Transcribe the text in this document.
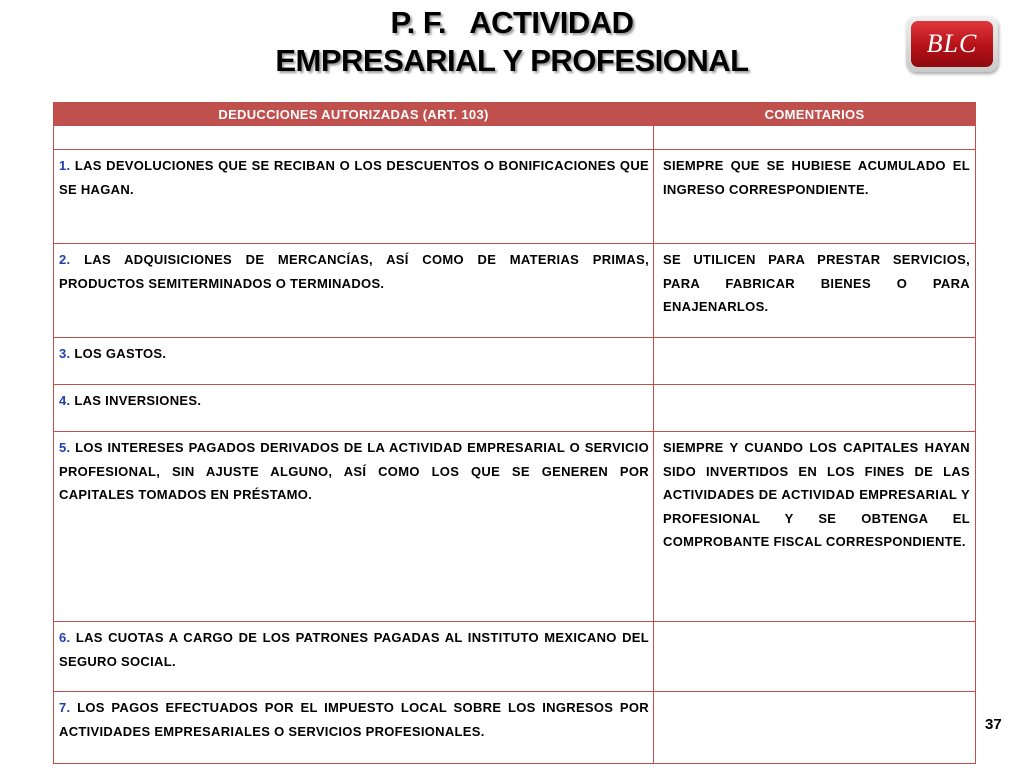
P. F.   ACTIVIDAD
EMPRESARIAL Y PROFESIONAL	BLC
DEDUCCIONES AUTORIZADAS (ART. 103)	COMENTARIOS

1. LAS DEVOLUCIONES QUE SE RECIBAN O LOS DESCUENTOS O BONIFICACIONES QUE SE HAGAN.	SIEMPRE QUE SE HUBIESE ACUMULADO EL INGRESO CORRESPONDIENTE.
2. LAS ADQUISICIONES DE MERCANCÍAS, ASÍ COMO DE MATERIAS PRIMAS, PRODUCTOS SEMITERMINADOS O TERMINADOS.	SE UTILICEN PARA PRESTAR SERVICIOS, PARA FABRICAR BIENES O PARA ENAJENARLOS.
3. LOS GASTOS.	
4. LAS INVERSIONES.	
5. LOS INTERESES PAGADOS DERIVADOS DE LA ACTIVIDAD EMPRESARIAL O SERVICIO PROFESIONAL, SIN AJUSTE ALGUNO, ASÍ COMO LOS QUE SE GENEREN POR CAPITALES TOMADOS EN PRÉSTAMO.	SIEMPRE Y CUANDO LOS CAPITALES HAYAN SIDO INVERTIDOS EN LOS FINES DE LAS ACTIVIDADES DE ACTIVIDAD EMPRESARIAL Y PROFESIONAL Y SE OBTENGA EL COMPROBANTE FISCAL CORRESPONDIENTE.
6. LAS CUOTAS A CARGO DE LOS PATRONES PAGADAS AL INSTITUTO MEXICANO DEL SEGURO SOCIAL.	
7. LOS PAGOS EFECTUADOS POR EL IMPUESTO LOCAL SOBRE LOS INGRESOS POR ACTIVIDADES EMPRESARIALES O SERVICIOS PROFESIONALES.		37
